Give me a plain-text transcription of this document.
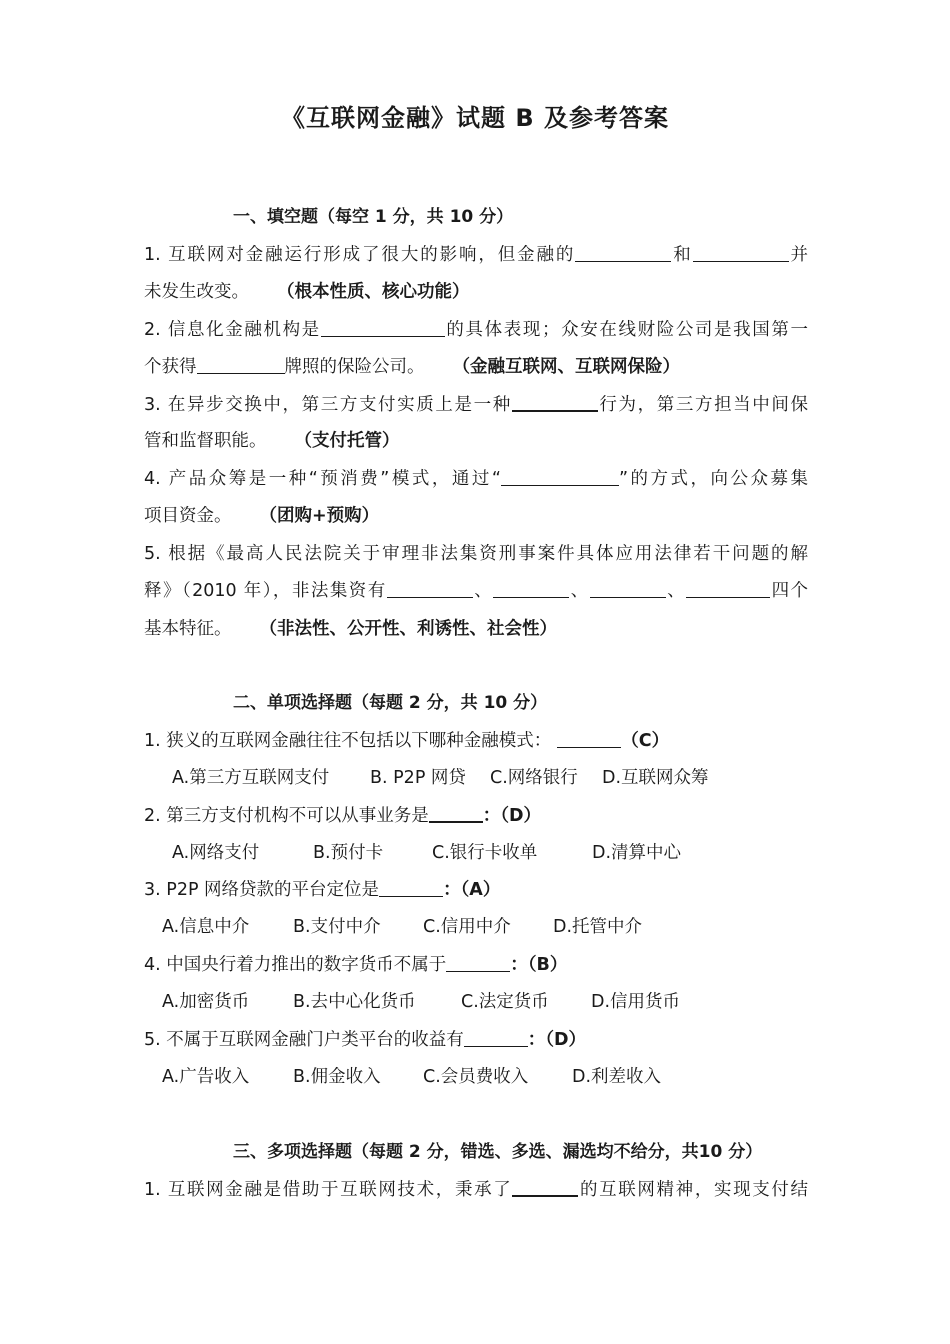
《互联网金融》试题 B 及参考答案
一、填空题（每空 1 分，共 10 分）
1. 互联网对金融运行形成了很大的影响，但金融的	和	并
未发生改变。 （根本性质、核心功能）
2. 信息化金融机构是	的具体表现；众安在线财险公司是我国第一
个获得	牌照的保险公司。 （金融互联网、互联网保险）
3. 在异步交换中，第三方支付实质上是一种	行为，第三方担当中间保
管和监督职能。 （支付托管）
4. 产品众筹是一种“预消费”模式，通过“	”的方式，向公众募集
项目资金。 （团购+预购）
5. 根据《最高人民法院关于审理非法集资刑事案件具体应用法律若干问题的解
释》（2010 年），非法集资有	、	、	、	四个
基本特征。 （非法性、公开性、利诱性、社会性）
二、单项选择题（每题 2 分，共 10 分）
1. 狭义的互联网金融往往不包括以下哪种金融模式：	（C）
A.第三方互联网支付 B. P2P 网贷 C.网络银行 D.互联网众筹
2. 第三方支付机构不可以从事业务是	：（D）
A.网络支付	B.预付卡	C.银行卡收单	D.清算中心
3. P2P 网络贷款的平台定位是	：（A）
A.信息中介	B.支付中介 C.信用中介 D.托管中介
4. 中国央行着力推出的数字货币不属于	：（B）
A.加密货币	B.去中心化货币	C.法定货币 D.信用货币
5. 不属于互联网金融门户类平台的收益有	：（D）
A.广告收入	B.佣金收入 C.会员费收入 D.利差收入
三、多项选择题（每题 2 分，错选、多选、漏选均不给分，共10 分）
1. 互联网金融是借助于互联网技术，秉承了	的互联网精神，实现支付结
